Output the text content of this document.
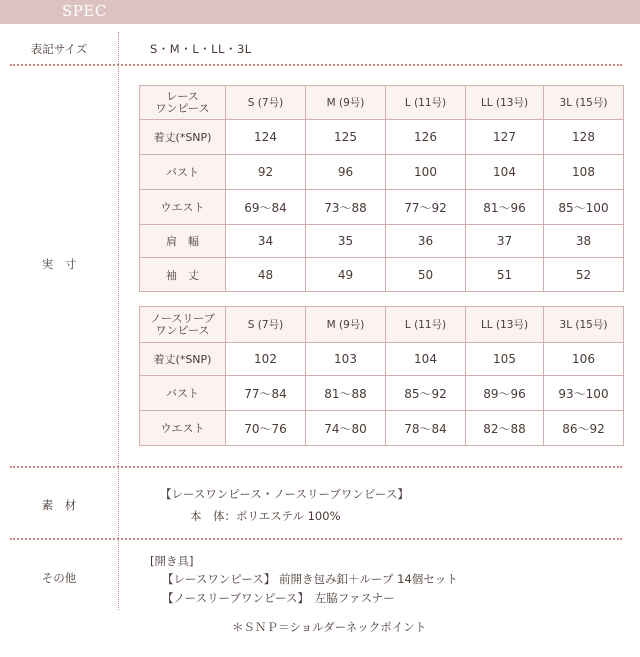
SPEC
表記サイズ	S・M・L・LL・3L
実　寸
レース
ワンピース	S (7号)	M (9号)	L (11号)	LL (13号)	3L (15号)
着丈(*SNP)	124	125	126	127	128
バスト	92	96	100	104	108
ウエスト	69〜84	73〜88	77〜92	81〜96	85〜100
肩　幅	34	35	36	37	38
袖　丈	48	49	50	51	52
ノースリーブ
ワンピース	S (7号)	M (9号)	L (11号)	LL (13号)	3L (15号)
着丈(*SNP)	102	103	104	105	106
バスト	77〜84	81〜88	85〜92	89〜96	93〜100
ウエスト	70〜76	74〜80	78〜84	82〜88	86〜92
素　材
【レースワンピース・ノースリーブワンピース】
本　体：ポリエステル 100%
その他
[開き具]
【レースワンピース】 前開き包み釦＋ループ 14個セット
【ノースリーブワンピース】　左脇ファスナー
＊ＳＮＰ＝ショルダーネックポイント
